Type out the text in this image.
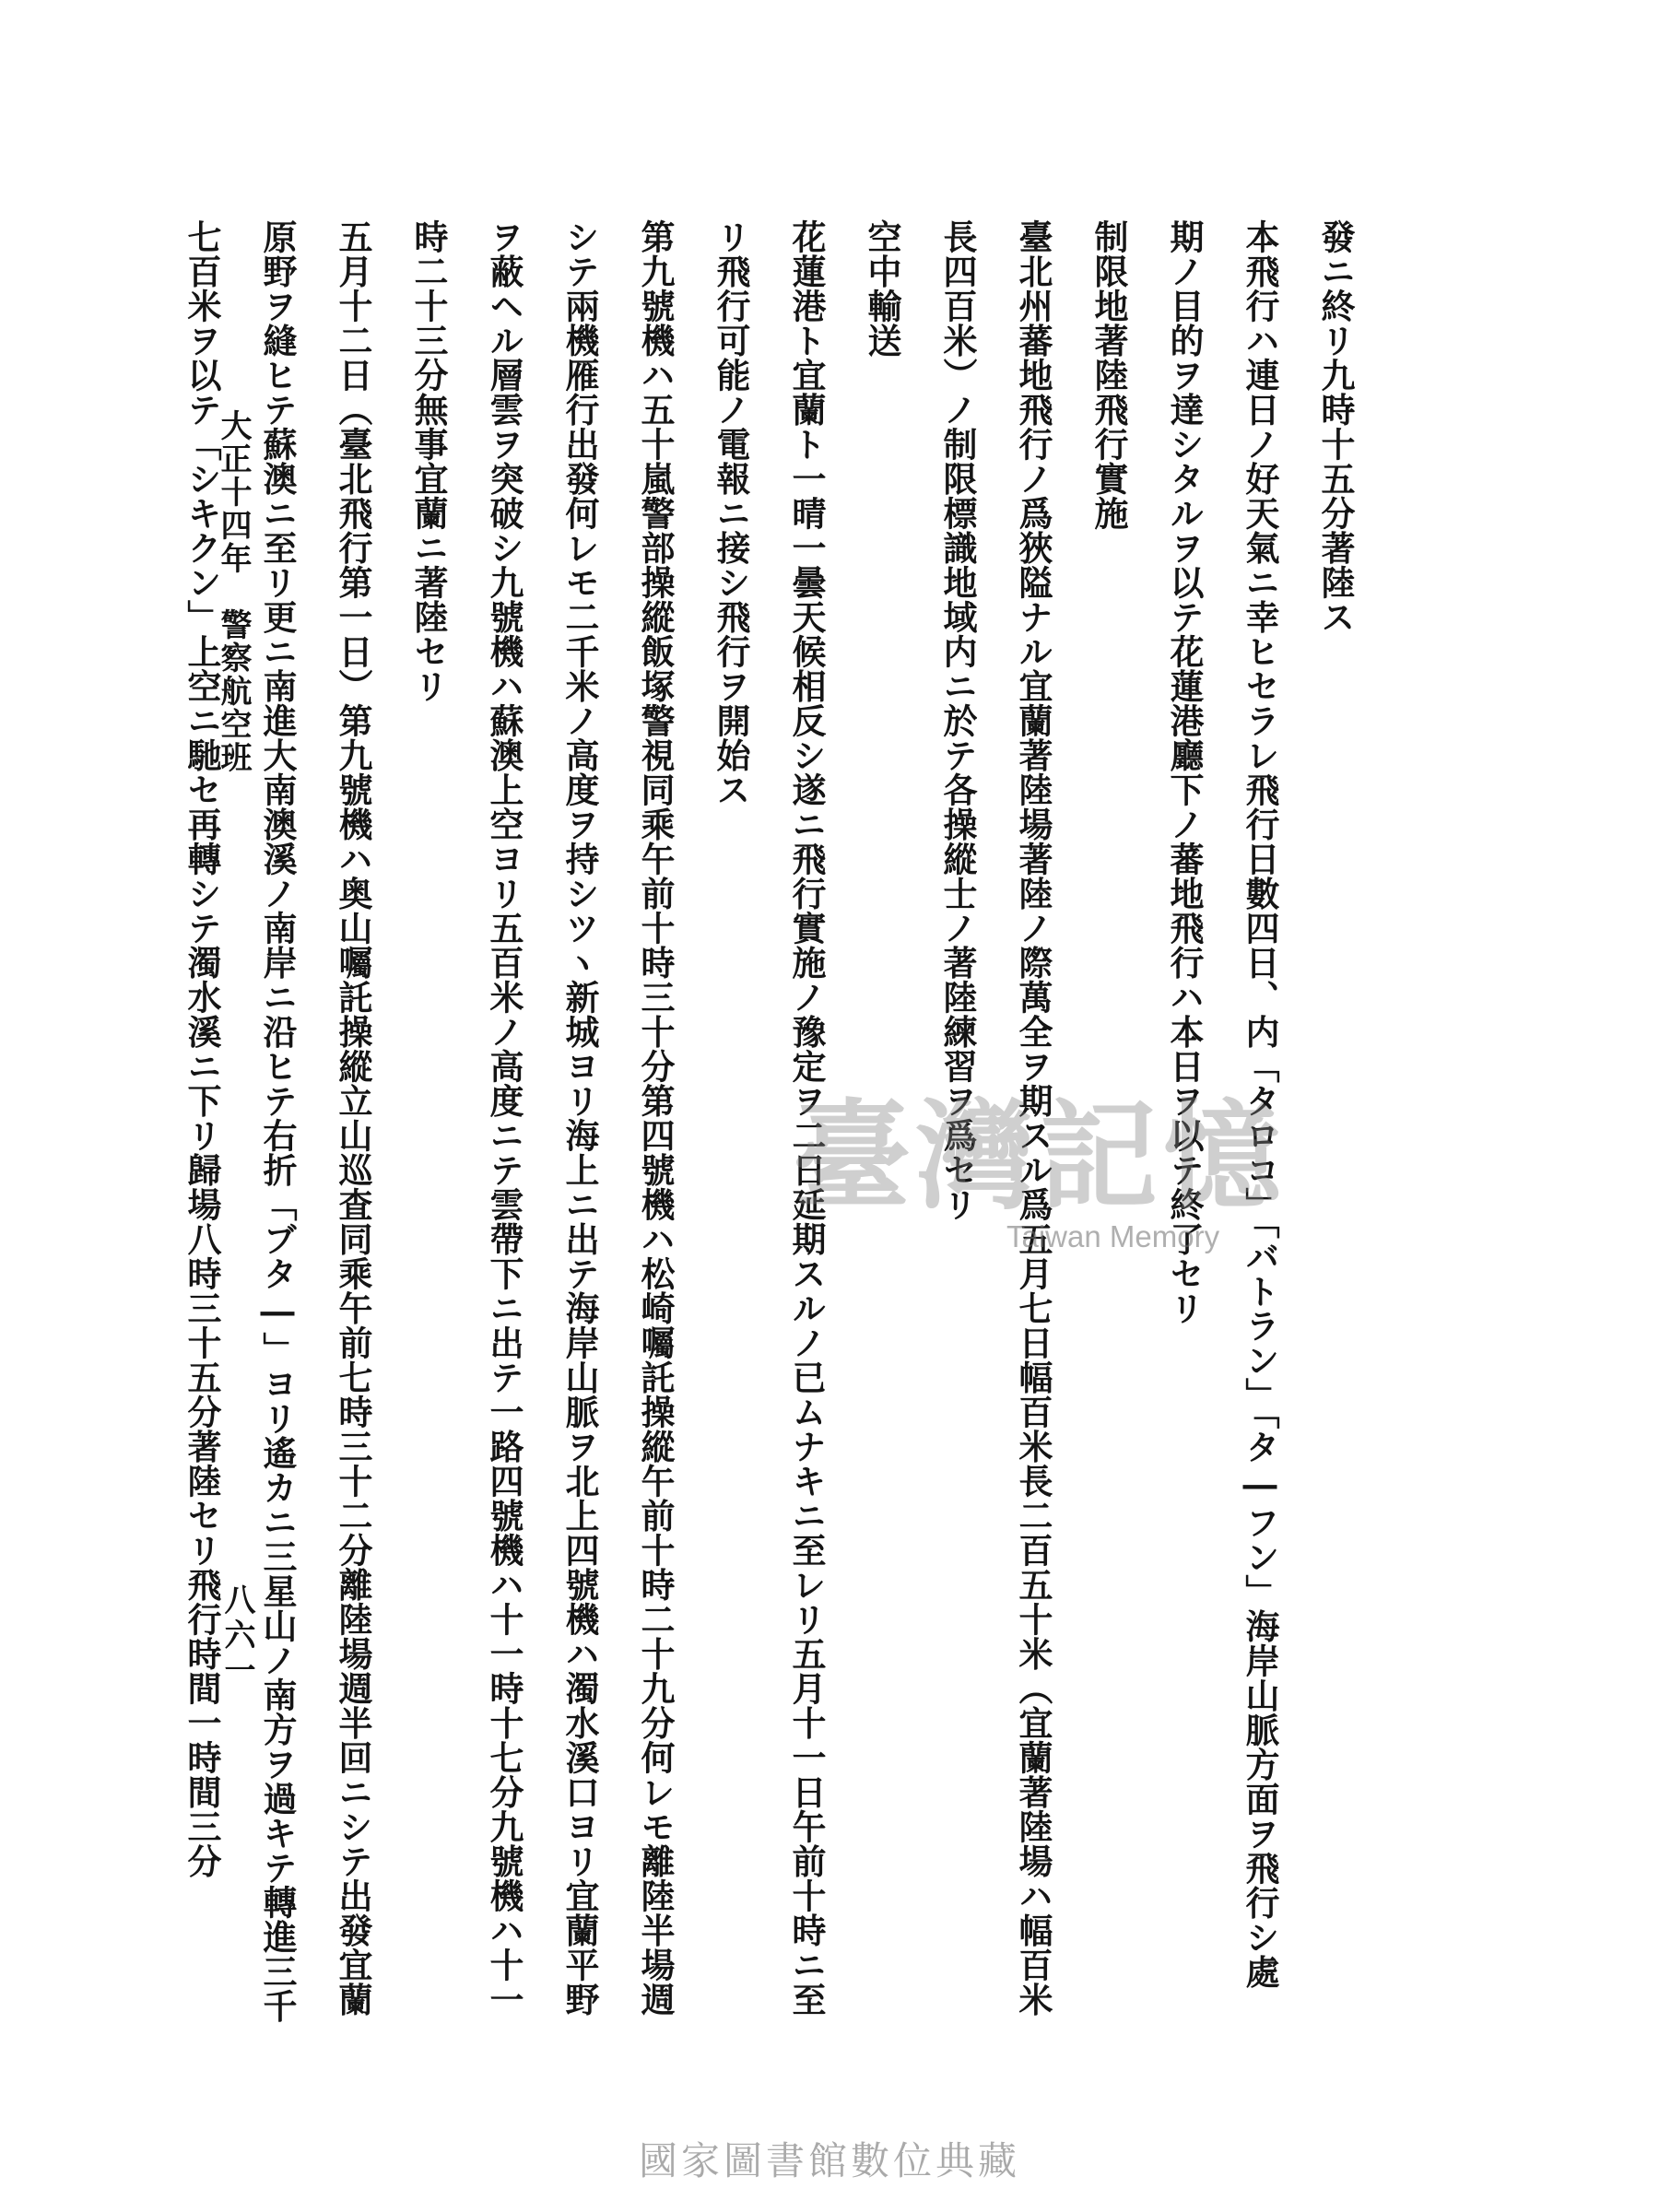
發ニ終リ九時十五分著陸ス
本飛行ハ連日ノ好天氣ニ幸ヒセラレ飛行日數四日、内「タロコ」「バトラン」「タ―フン」海岸山脈方面ヲ飛行シ處
期ノ目的ヲ達シタルヲ以テ花蓮港廳下ノ蕃地飛行ハ本日ヲ以テ終了セリ
制限地著陸飛行實施
臺北州蕃地飛行ノ爲狹隘ナル宜蘭著陸場著陸ノ際萬全ヲ期スル爲五月七日幅百米長二百五十米（宜蘭著陸場ハ幅百米
長四百米）ノ制限標識地域内ニ於テ各操縱士ノ著陸練習ヲ爲セリ
空中輸送
花蓮港ト宜蘭ト一晴一曇天候相反シ遂ニ飛行實施ノ豫定ヲ二日延期スルノ已ムナキニ至レリ五月十一日午前十時ニ至
リ飛行可能ノ電報ニ接シ飛行ヲ開始ス
第九號機ハ五十嵐警部操縱飯塚警視同乘午前十時三十分第四號機ハ松崎囑託操縱午前十時二十九分何レモ離陸半場週
シテ兩機雁行出發何レモ二千米ノ高度ヲ持シツヽ新城ヨリ海上ニ出テ海岸山脈ヲ北上四號機ハ濁水溪口ヨリ宜蘭平野
ヲ蔽ヘル層雲ヲ突破シ九號機ハ蘇澳上空ヨリ五百米ノ高度ニテ雲帶下ニ出テ一路四號機ハ十一時十七分九號機ハ十一
時二十三分無事宜蘭ニ著陸セリ
五月十二日（臺北飛行第一日）第九號機ハ奥山囑託操縱立山巡査同乘午前七時三十二分離陸場週半回ニシテ出發宜蘭
原野ヲ縫ヒテ蘇澳ニ至リ更ニ南進大南澳溪ノ南岸ニ沿ヒテ右折「ブタ―」ヨリ遙カニ三星山ノ南方ヲ過キテ轉進三千
七百米ヲ以テ「シキクン」上空ニ馳セ再轉シテ濁水溪ニ下リ歸場八時三十五分著陸セリ飛行時間一時間三分
大正十四年　警察航空班
八六一
臺灣記憶
Taiwan Memory
國家圖書館數位典藏
